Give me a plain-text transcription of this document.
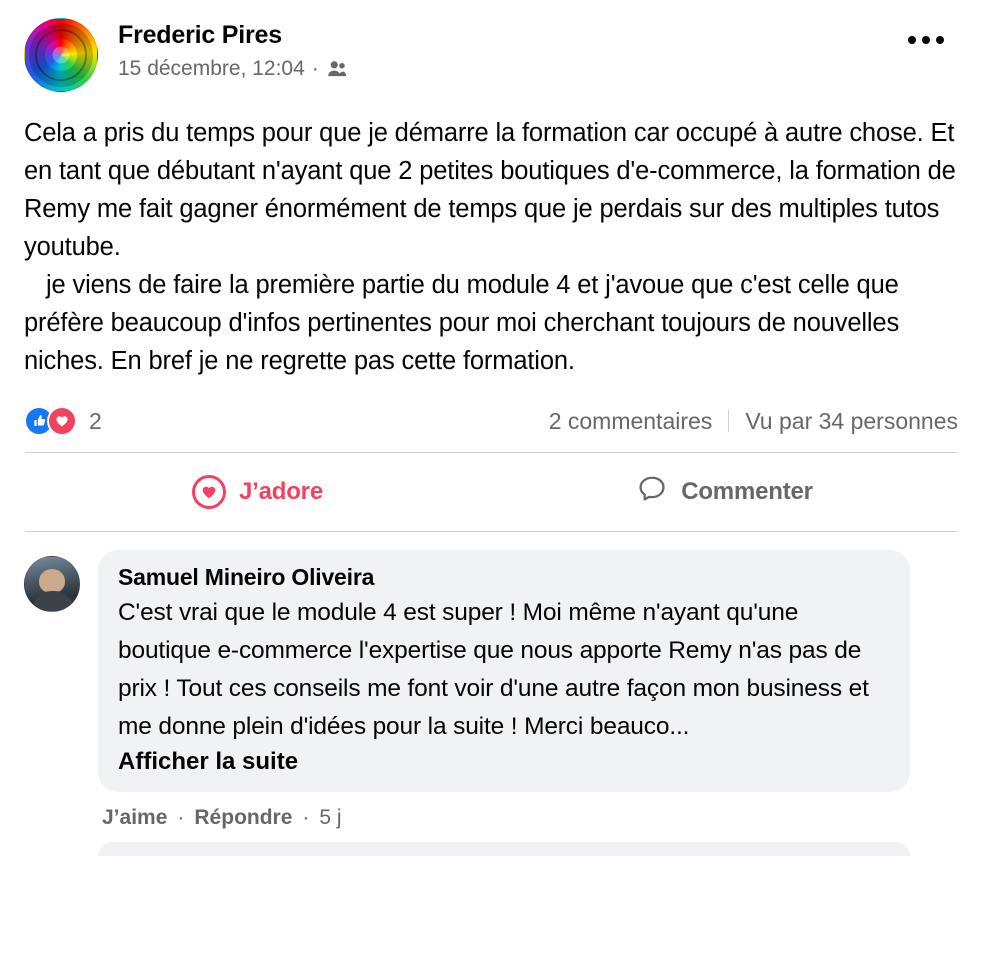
Frederic Pires
15 décembre, 12:04 ·

Cela a pris du temps pour que je démarre la formation car occupé à autre chose. Et en tant que débutant n'ayant que 2 petites boutiques d'e-commerce, la formation de Remy me fait gagner énormément de temps que je perdais sur des multiples tutos youtube.

je viens de faire la première partie du module 4 et j'avoue que c'est celle que préfère beaucoup d'infos pertinentes pour moi cherchant toujours de nouvelles niches. En bref je ne regrette pas cette formation.

2	2 commentaires Vu par 34 personnes
J’adore	Commenter
Samuel Mineiro Oliveira
C'est vrai que le module 4 est super ! Moi même n'ayant qu'une boutique e-commerce l'expertise que nous apporte Remy n'as pas de prix ! Tout ces conseils me font voir d'une autre façon mon business et me donne plein d'idées pour la suite ! Merci beauco...
Afficher la suite
J’aime · Répondre · 5 j
